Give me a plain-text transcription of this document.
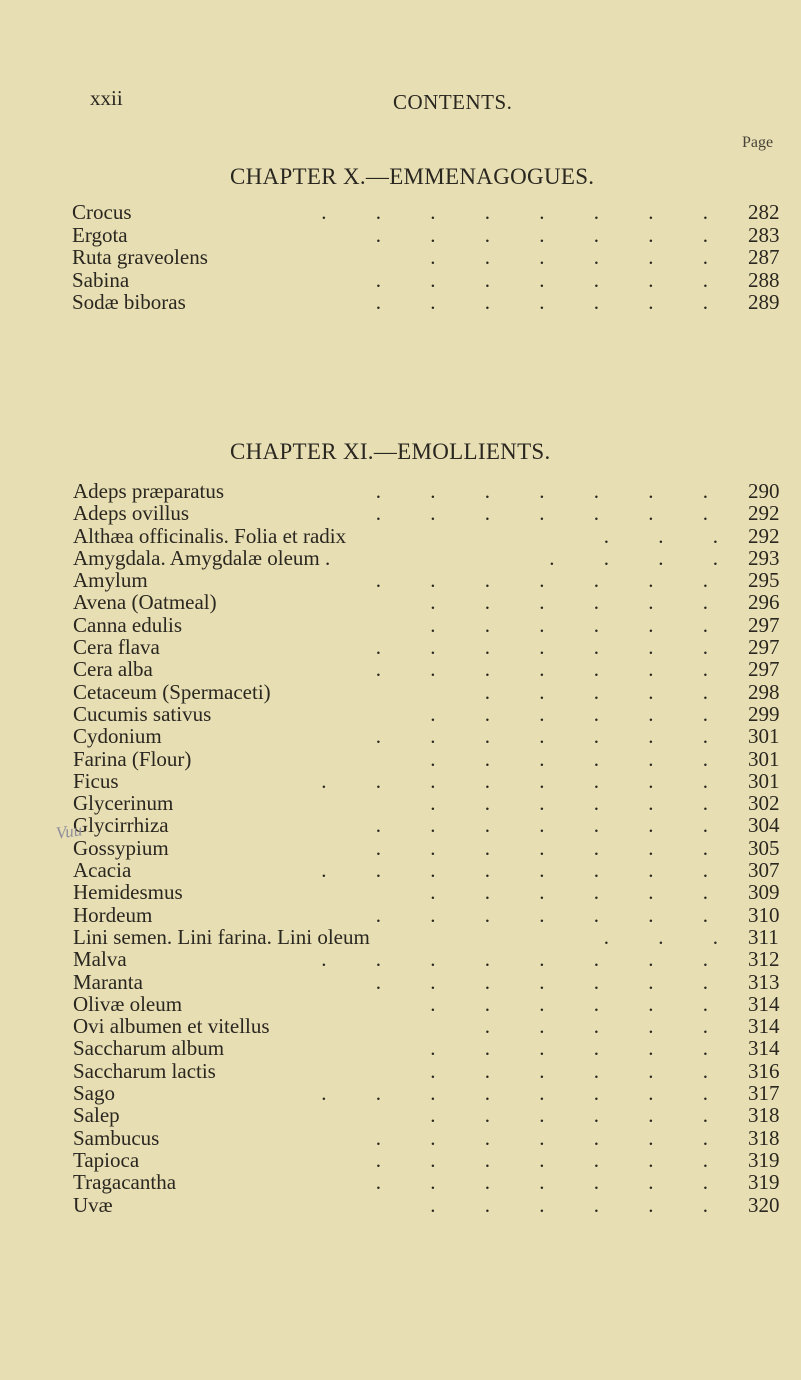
xxii	CONTENTS.
Page
CHAPTER X.—EMMENAGOGUES.
Crocus	. . . . . . . . 282
Ergota	. . . . . . . 283
Ruta graveolens	. . . . . . 287
Sabina	. . . . . . . 288
Sodæ biboras	. . . . . . . 289
CHAPTER XI.—EMOLLIENTS.
Adeps præparatus	. . . . . . . 290
Adeps ovillus	. . . . . . . 292
Althæa officinalis. Folia et radix	. . . 292
Amygdala. Amygdalæ oleum .	. . . . 293
Amylum	. . . . . . . 295
Avena (Oatmeal)	. . . . . . 296
Canna edulis	. . . . . . 297
Cera flava	. . . . . . . 297
Cera alba	. . . . . . . 297
Cetaceum (Spermaceti)	. . . . . 298
Cucumis sativus	. . . . . . 299
Cydonium	. . . . . . . 301
Farina (Flour)	. . . . . . 301
Ficus	. . . . . . . . 301
Glycerinum	. . . . . . 302
Glycirrhiza	. . . . . . . 304
Gossypium	. . . . . . . 305
Acacia	. . . . . . . . 307
Hemidesmus	. . . . . . 309
Hordeum	. . . . . . . 310
Lini semen. Lini farina. Lini oleum	. . . 311
Malva	. . . . . . . . 312
Maranta	. . . . . . . 313
Olivæ oleum	. . . . . . 314
Ovi albumen et vitellus	. . . . . 314
Saccharum album	. . . . . . 314
Saccharum lactis	. . . . . . 316
Sago	. . . . . . . . 317
Salep	. . . . . . 318
Sambucus	. . . . . . . 318
Tapioca	. . . . . . . 319
Tragacantha	. . . . . . . 319
Uvæ	. . . . . . 320
Vuu
